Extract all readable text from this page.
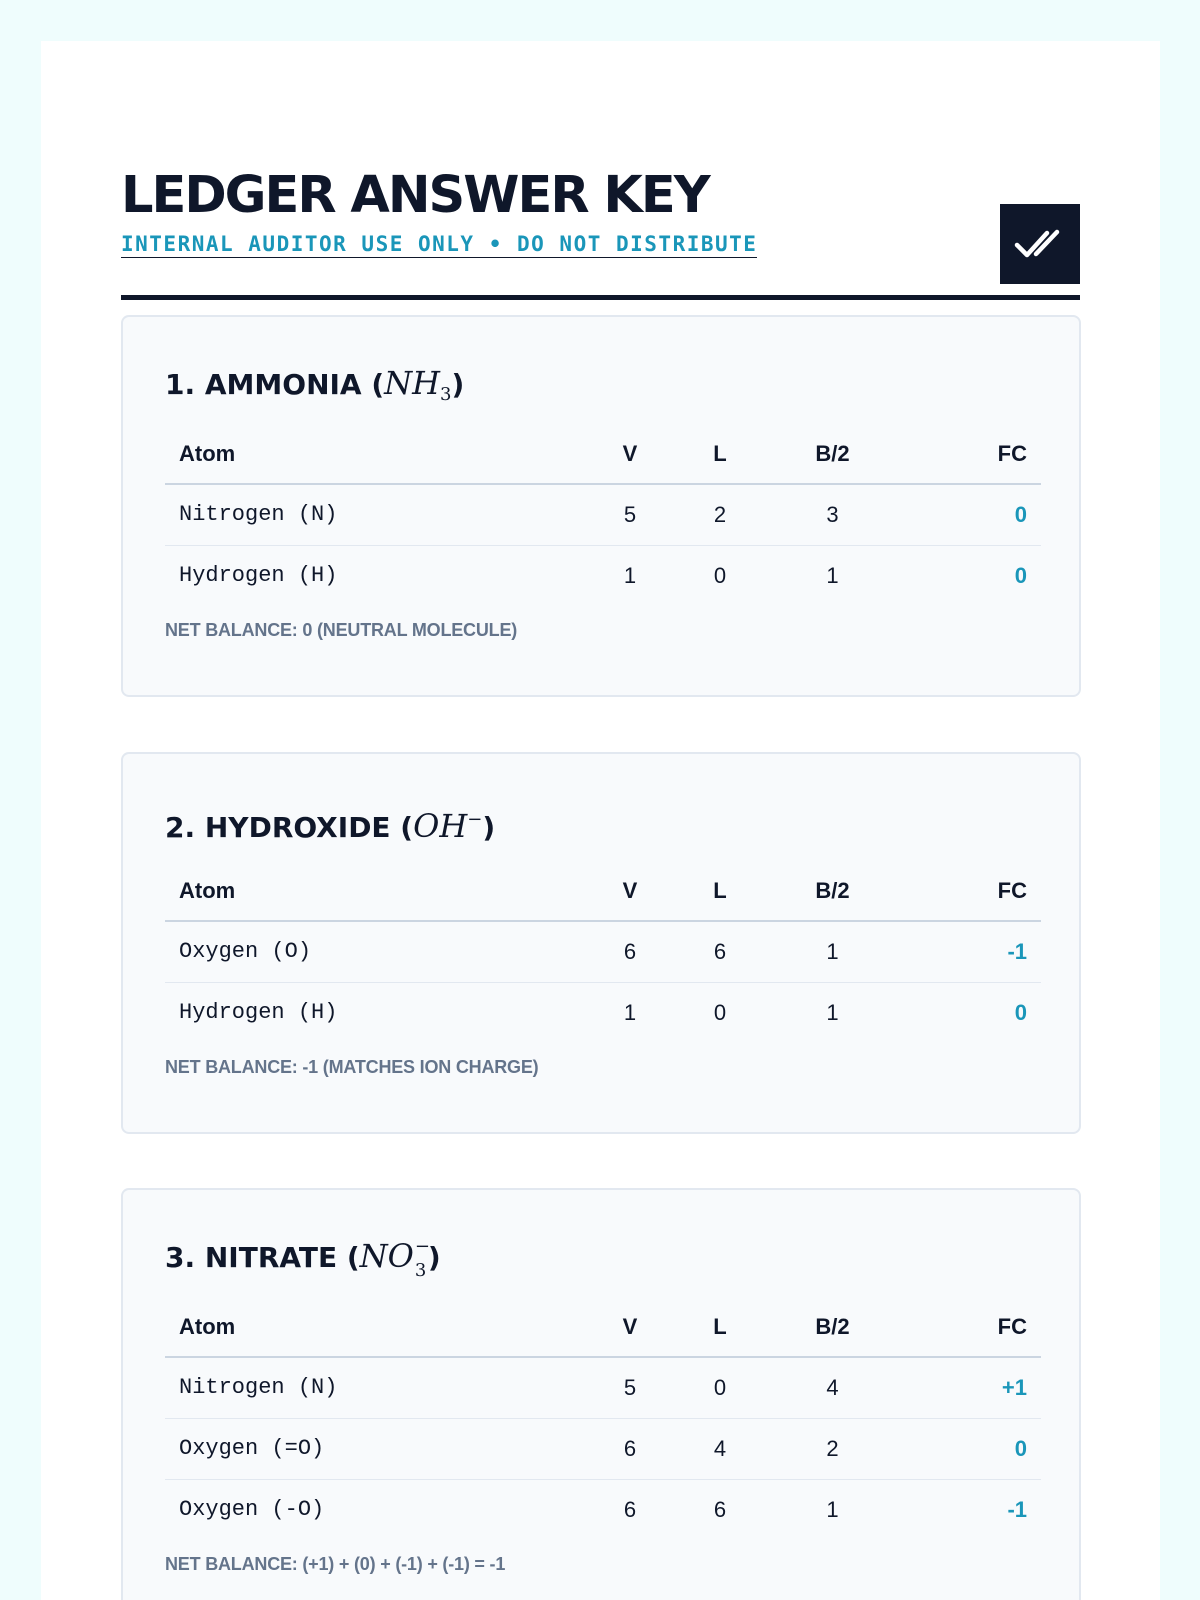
LEDGER ANSWER KEY
INTERNAL AUDITOR USE ONLY • DO NOT DISTRIBUTE
1. AMMONIA $(NH_3)$
Atom	V	L	B/2	FC
Nitrogen (N)	5	2	3	0
Hydrogen (H)	1	0	1	0
NET BALANCE: 0 (NEUTRAL MOLECULE)
2. HYDROXIDE (OH−)
Atom	V	L	B/2	FC
Oxygen (O)	6	6	1	-1
Hydrogen (H)	1	0	1	0
NET BALANCE: -1 (MATCHES ION CHARGE)
3. NITRATE (NO −
3 )
Atom	V	L	B/2	FC
Nitrogen (N)	5	0	4	+1
Oxygen (=O)	6	4	2	0
Oxygen (-O)	6	6	1	-1
NET BALANCE: (+1) + (0) + (-1) + (-1) = -1
